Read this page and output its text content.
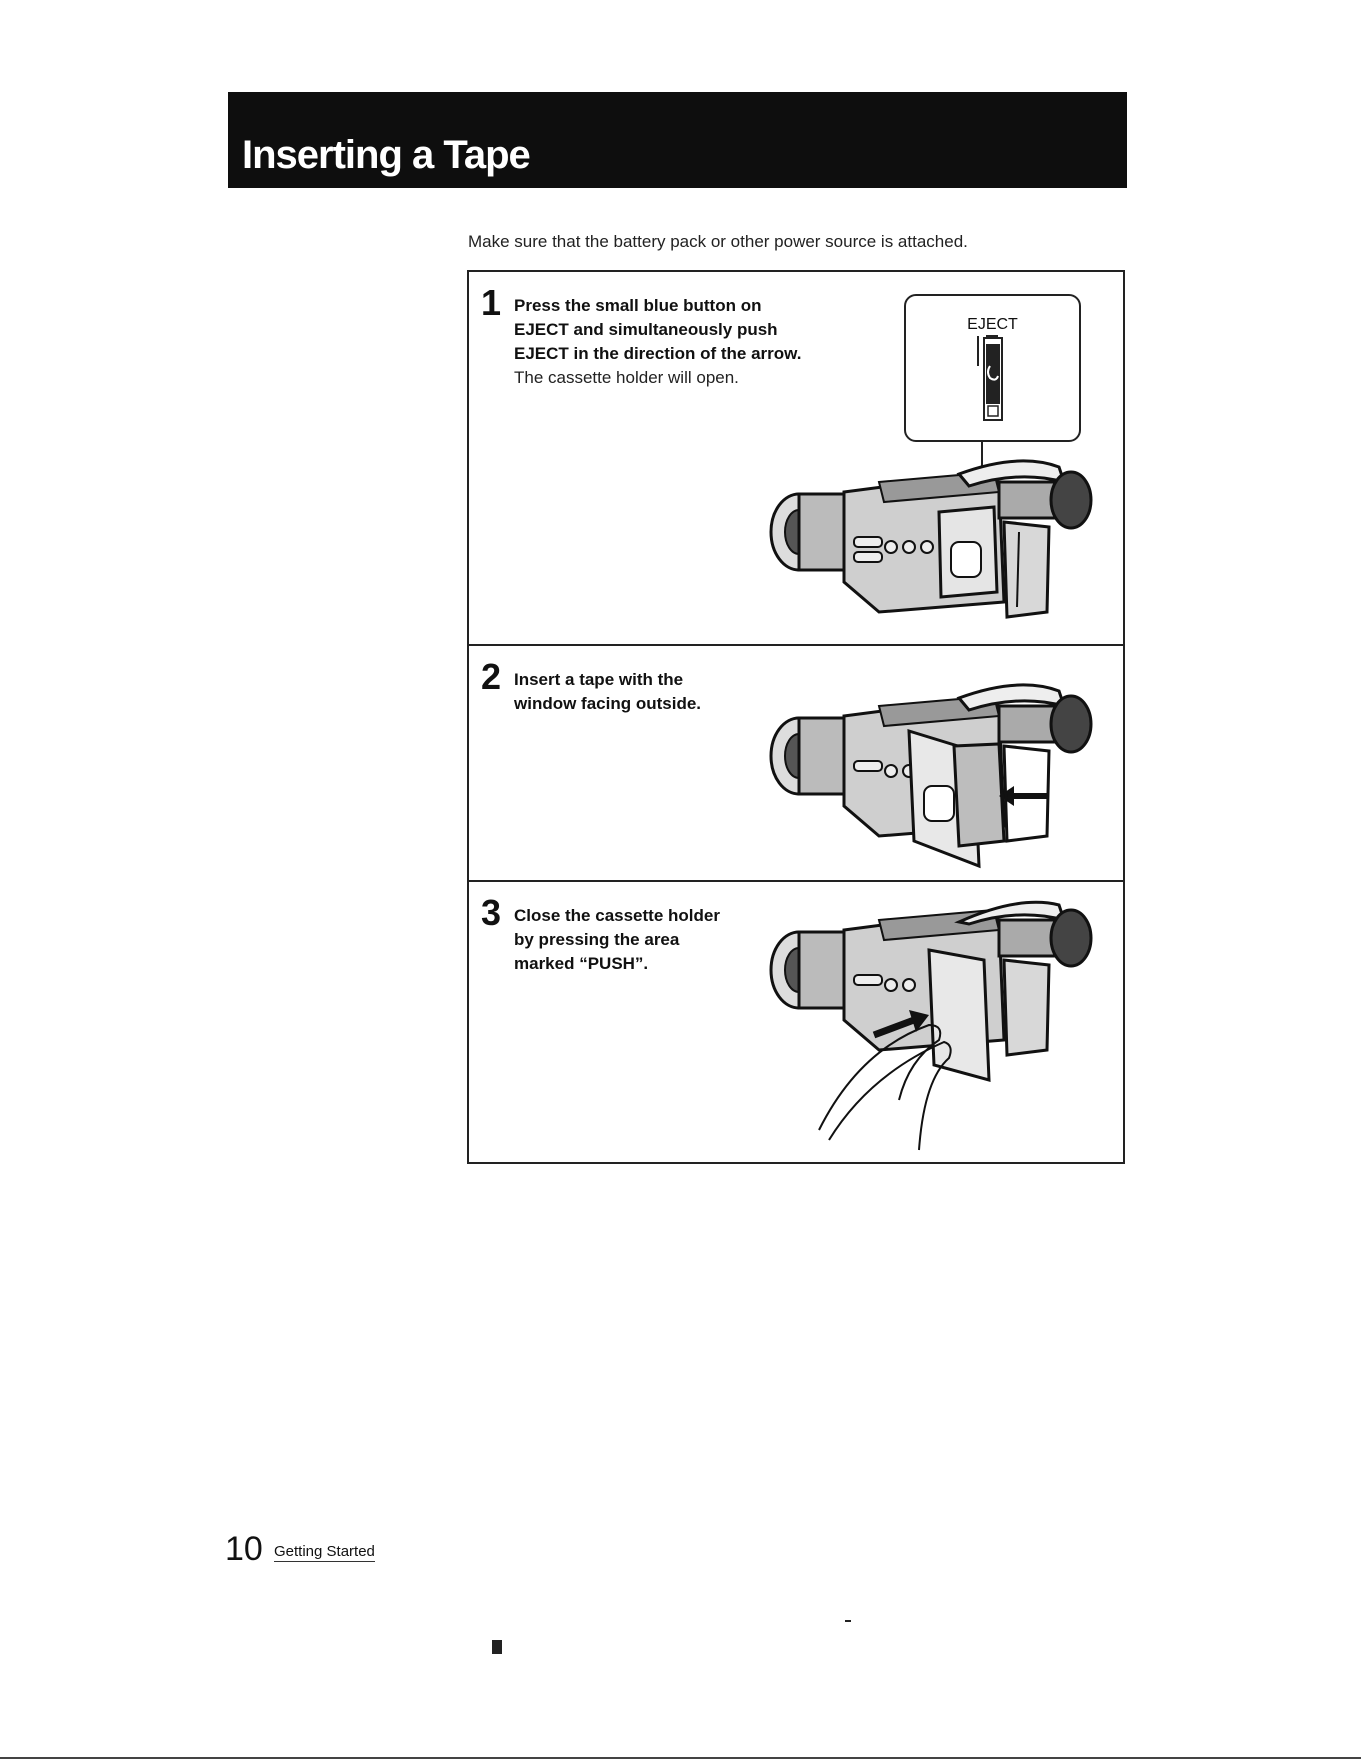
Inserting a Tape
Make sure that the battery pack or other power source is attached.
1 Press the small blue button on
EJECT and simultaneously push
EJECT in the direction of the arrow.
The cassette holder will open.
EJECT
2 Insert a tape with the
window facing outside.
3 Close the cassette holder
by pressing the area
marked “PUSH”.
10 Getting Started
